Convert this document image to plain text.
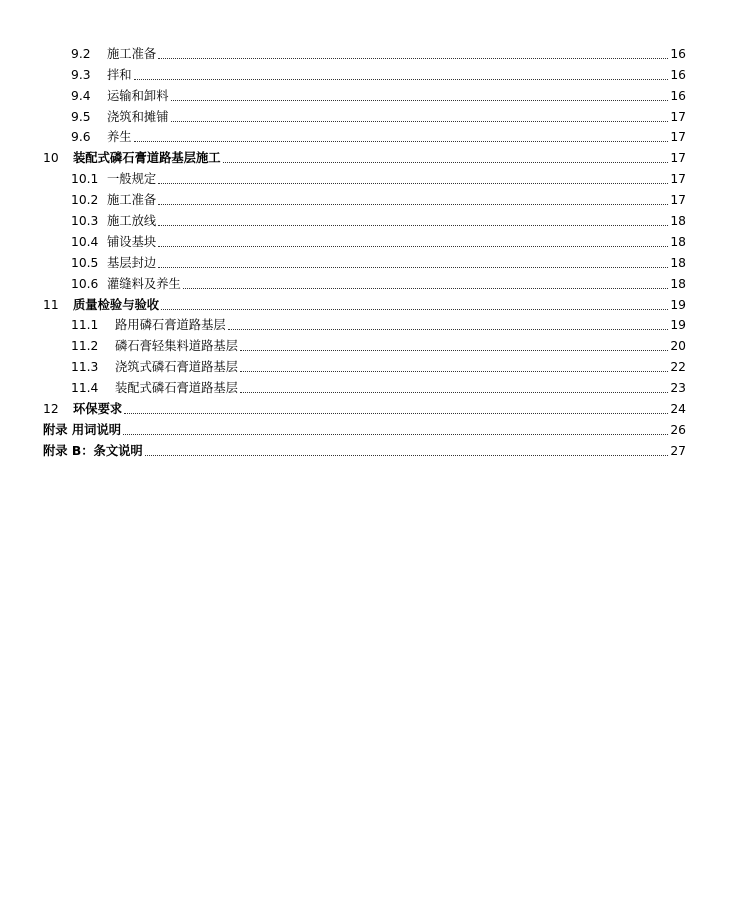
9.2	施工准备	16
9.3	拌和	16
9.4	运输和卸料	16
9.5	浇筑和摊铺	17
9.6	养生	17
10	装配式磷石膏道路基层施工	17
10.1 一般规定	17
10.2 施工准备	17
10.3 施工放线	18
10.4 铺设基块	18
10.5 基层封边	18
10.6 灌缝料及养生	18
11	质量检验与验收	19
11.1	路用磷石膏道路基层	19
11.2	磷石膏轻集料道路基层	20
11.3	浇筑式磷石膏道路基层	22
11.4	装配式磷石膏道路基层	23
12	环保要求	24
附录 用词说明	26
附录 B：条文说明	27
